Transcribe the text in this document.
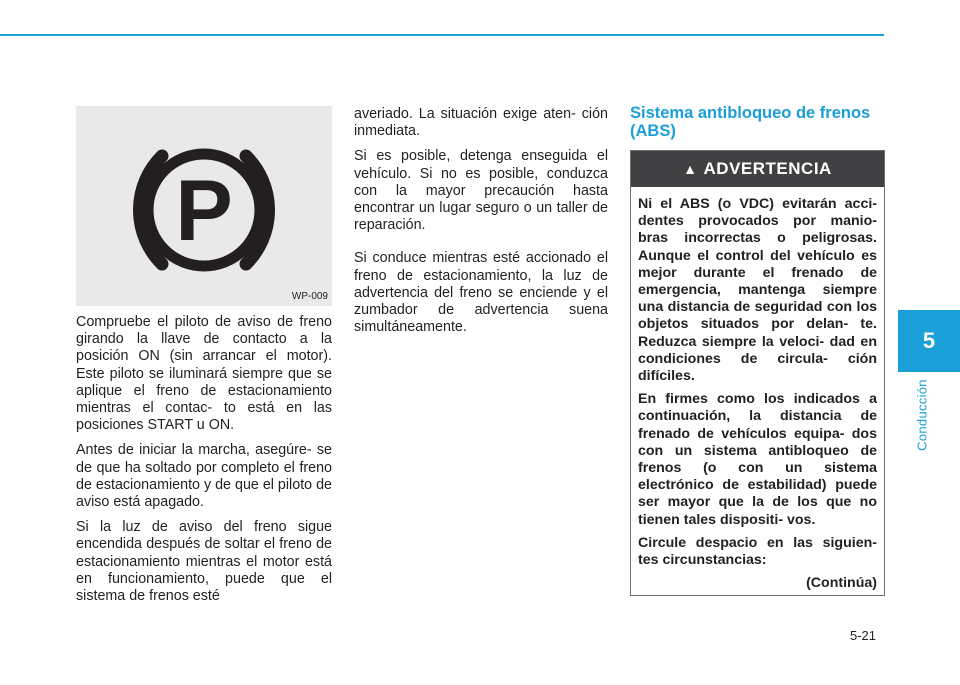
P
WP-009

Compruebe el piloto de aviso de freno girando la llave de contacto a la posición ON (sin arrancar el motor). Este piloto se iluminará siempre que se aplique el freno de estacionamiento mientras el contac- to está en las posiciones START u ON.

Antes de iniciar la marcha, asegúre- se de que ha soltado por completo el freno de estacionamiento y de que el piloto de aviso está apagado.

Si la luz de aviso del freno sigue encendida después de soltar el freno de estacionamiento mientras el motor está en funcionamiento, puede que el sistema de frenos esté

averiado. La situación exige aten- ción inmediata.

Si es posible, detenga enseguida el vehículo. Si no es posible, conduzca con la mayor precaución hasta encontrar un lugar seguro o un taller de reparación.

Si conduce mientras esté accionado el freno de estacionamiento, la luz de advertencia del freno se enciende y el zumbador de advertencia suena simultáneamente.

Sistema antibloqueo de frenos (ABS)
▲ ADVERTENCIA

Ni el ABS (o VDC) evitarán acci- dentes provocados por manio- bras incorrectas o peligrosas. Aunque el control del vehículo es mejor durante el frenado de emergencia, mantenga siempre una distancia de seguridad con los objetos situados por delan- te. Reduzca siempre la veloci- dad en condiciones de circula- ción difíciles.

En firmes como los indicados a continuación, la distancia de frenado de vehículos equipa- dos con un sistema antibloqueo de frenos (o con un sistema electrónico de estabilidad) puede ser mayor que la de los que no tienen tales dispositi- vos.

Circule despacio en las siguien- tes circunstancias:

(Continúa)
5
Conducción
5-21
